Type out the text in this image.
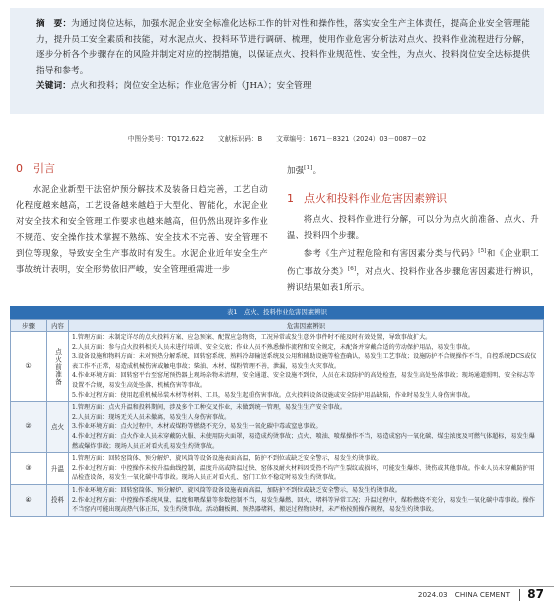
摘　要：为通过岗位达标，加强水泥企业安全标准化达标工作的针对性和操作性，落实安全生产主体责任，提高企业安全管理能力，提升员工安全素质和技能，对水泥点火、投料环节进行调研、梳理，使用作业危害分析法对点火、投料作业流程进行分解，逐步分析各个步骤存在的风险并制定对应的控制措施，以保证点火、投料作业规范性、安全性，为点火、投料岗位安全达标提供指导和参考。

关键词：点火和投料；岗位安全达标；作业危害分析（JHA）；安全管理

中图分类号：TQ172.622 文献标识码：B 文章编号：1671－8321（2024）03－0087－02
0 引言

水泥企业新型干法窑炉预分解技术及装备日趋完善，工艺自动化程度越来越高，工艺设备越来越趋于大型化、智能化，水泥企业对安全技术和安全管理工作要求也越来越高，但仍然出现许多作业不规范、安全操作技术掌握不熟练、安全技术不完善、安全管理不到位等现象，导致安全生产事故时有发生。水泥企业近年安全生产事故统计表明，安全形势依旧严峻，安全管理亟需进一步

加强[1]。

1 点火和投料作业危害因素辨识

将点火、投料作业进行分解，可以分为点火前准备、点火、升温、投料四个步骤。

参考《生产过程危险和有害因素分类与代码》[5]和《企业职工伤亡事故分类》[6]，对点火、投料作业各步骤危害因素进行辨识，辨识结果如表1所示。

表1　点火、投料作业危害因素辨识
步骤	内容	危害因素辨识
①	点火前准备	1.管理方面：未制定详尽的点火投料方案、应急预案、配置应急物资，工况异常或发生意外事件时不能及时有效处置，导致事故扩大。
2.人员方面：参与点火投料相关人员未进行培训、安全交底；作业人员不熟悉操作流程和安全规定，未配备并穿戴合适的劳动保护用品，易发生事故。
3.设备设施和物料方面：未对预热分解系统、回转窑系统、熟料冷却输送系统及公用和辅助设施等检查确认，易发生工艺事故；设施防护不合规操作不当，自控系统DCS或仪表工作不正常，易造成机械伤害或触电事故；柴油、木材、煤粉管理不善，泄漏，易发生火灾事故。
4.作业环境方面：回转窑平台至窑尾预热器上观场杂物未清理，安全通道、安全设施不到位，人员在未设防护的高处检查，易发生高处坠落事故；现场通道照明、安全标志等设置不合规，易发生高处坠落、机械伤害等事故。
5.作业过程方面：使用起重机械吊装木材等材料、工具，易发生起重伤害事故。点火投料设备设施或安全防护用品缺陷，作业时易发生人身伤害事故。

②	点火	1.管理方面：点火升温和投料期间，涉及多个工种交叉作业，未做到统一管理，易发生生产安全事故。
2.人员方面：现场无关人员未撤离，易发生人身伤害事故。
3.作业环境方面：点火过程中，木材或煤粉等燃烧不充分，易发生一氧化碳中毒或窒息事故。
4.作业过程方面：点火作业人员未穿戴防火服、未使用防火面罩，易造成灼烫事故；点火、喷油、喷煤操作不当，易造成窑内一氧化碳、煤尘浓度及可燃气体超标，易发生爆燃或爆炸事故；现场人员正对看火孔易发生灼烫事故。

③	升温	1.管理方面：回转窑筒体、预分解炉、旋风筒等设备设施表面高温，防护不到位或缺乏安全警示，易发生灼烫事故。
2.作业过程方面：中控操作未按升温曲线控制，温度升高或降温过快、窑体及耐火材料因受热不均产生裂纹或损坏，可能发生爆炸、烫伤或其他事故。作业人员未穿戴防护用品检查设备，易发生一氧化碳中毒事故。现场人员正对看火孔、窑门工位不稳定时易发生灼烫事故。

④	投料	1.作业环境方面：回转窑筒体、预分解炉、旋风筒等设备设施表面高温，加防护不到位或缺乏安全警示，易发生灼烫事故。
2.作业过程方面：中控操作系统风量、温度和喂煤量等参数控制不当，易发生爆燃、回火、堵料等异常工况；升温过程中，煤粉燃烧不充分，易发生一氧化碳中毒事故。操作不当窑内可能出现高热气体正压，发生灼烫事故。活动翻板阀、预热器堵料，搬运过程物块时，未严格按照操作规程，易发生灼烫事故。
2024.03　CHINA CEMENT 87
